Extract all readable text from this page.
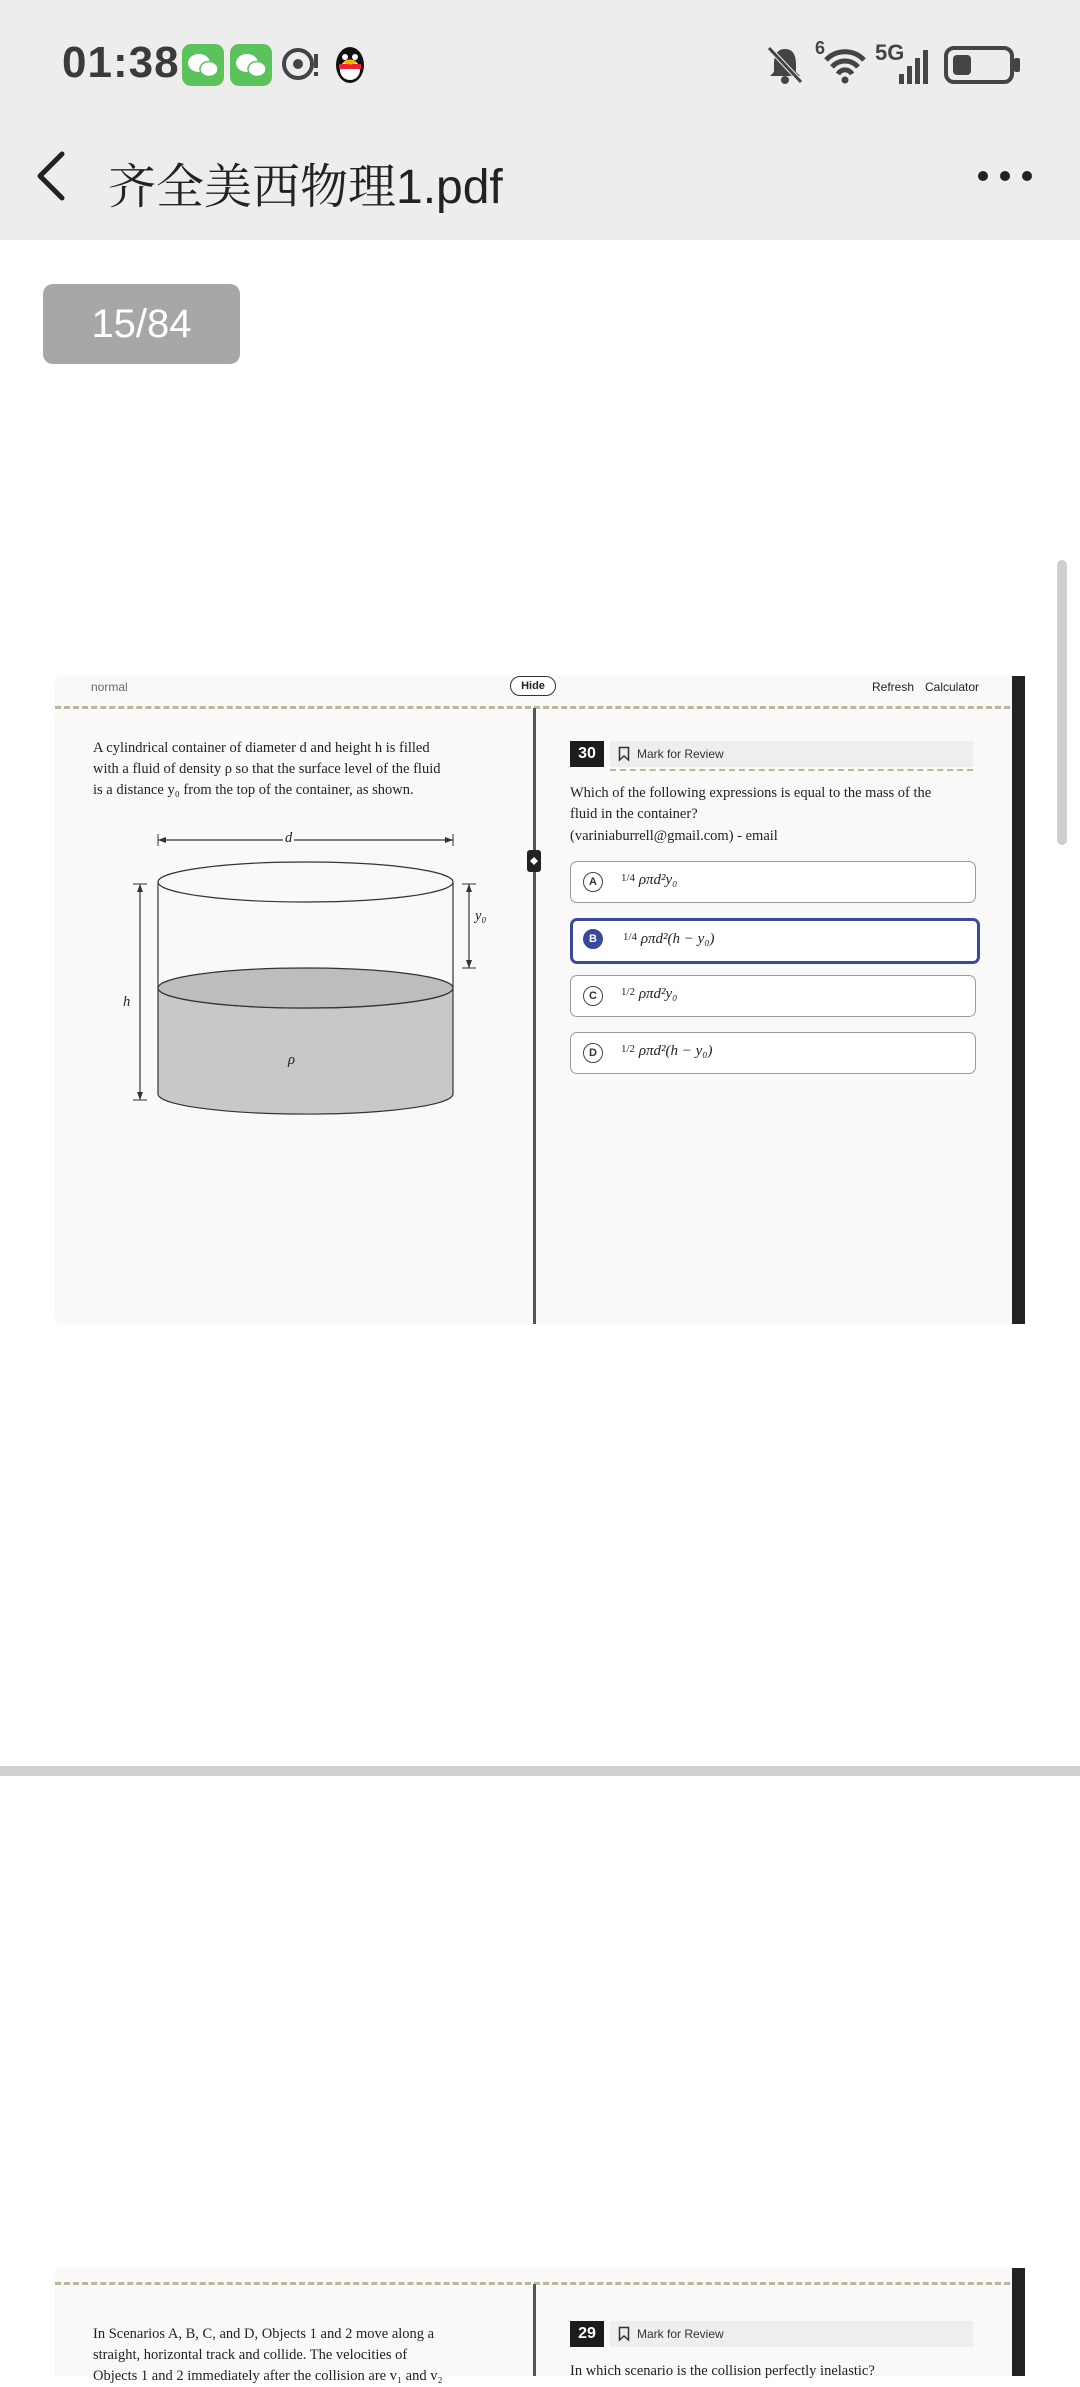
01:38	6 5G
齐全美西物理1.pdf
15/84
normal	Hide	Refresh Calculator
A cylindrical container of diameter d and height h is filled
with a fluid of density ρ so that the surface level of the fluid
is a distance y₀ from the top of the container, as shown.
d
y₀
h
ρ
30	Mark for Review
Which of the following expressions is equal to the mass of the
fluid in the container?
(variniaburrell@gmail.com) - email
A	$^{1/4}$ ρπd²y₀
B	$^{1/4}$ ρπd²(h − y₀)
C	$^{1/2}$ ρπd²y₀
D	$^{1/2}$ ρπd²(h − y₀)
In Scenarios A, B, C, and D, Objects 1 and 2 move along a
straight, horizontal track and collide. The velocities of
Objects 1 and 2 immediately after the collision are v₁ and v₂
29	Mark for Review
In which scenario is the collision perfectly inelastic?
